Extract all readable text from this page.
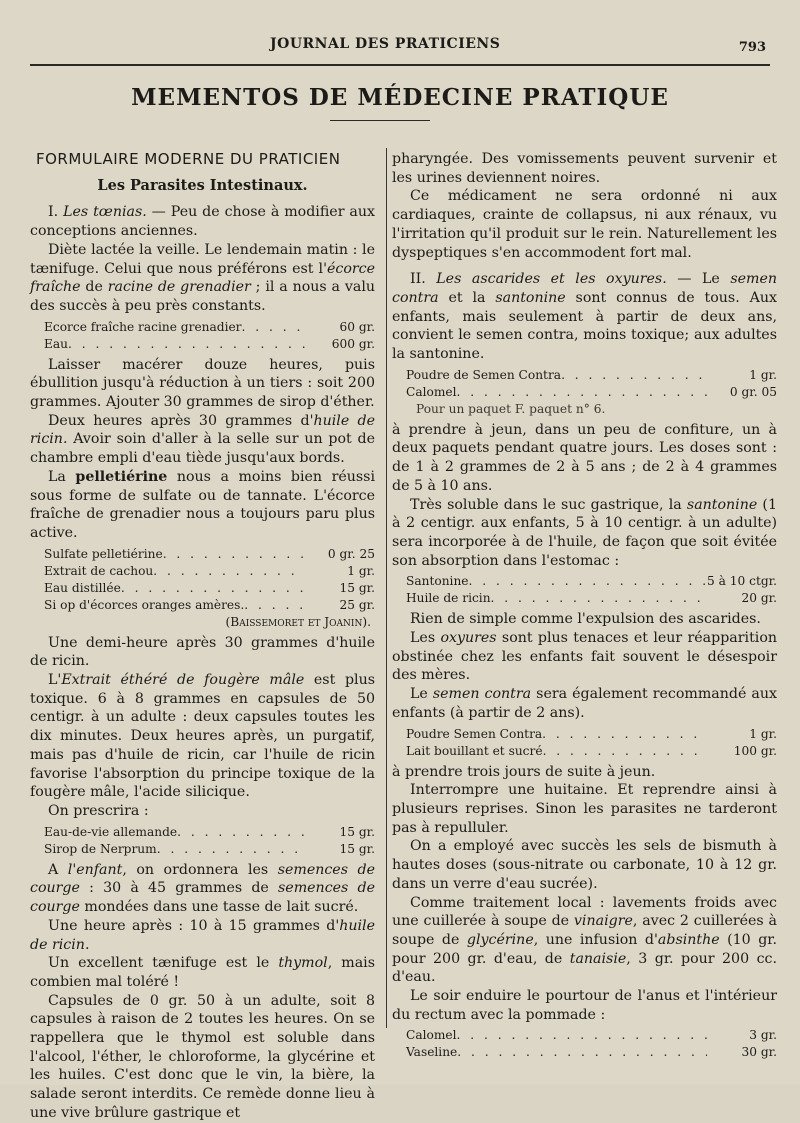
JOURNAL DES PRATICIENS	793
MEMENTOS DE MÉDECINE PRATIQUE
FORMULAIRE MODERNE DU PRATICIEN
Les Parasites Intestinaux.

I. Les tœnias. — Peu de chose à modifier aux conceptions anciennes.

Diète lactée la veille. Le lendemain matin : le tænifuge. Celui que nous préférons est l'écorce fraîche de racine de grenadier ; il a nous a valu des succès à peu près constants.

Ecorce fraîche racine grenadier . . .	60 gr.
Eau . . .	600 gr.

Laisser macérer douze heures, puis ébullition jusqu'à réduction à un tiers : soit 200 grammes. Ajouter 30 grammes de sirop d'éther.

Deux heures après 30 grammes d'huile de ricin. Avoir soin d'aller à la selle sur un pot de chambre empli d'eau tiède jusqu'aux bords.

La pelletiérine nous a moins bien réussi sous forme de sulfate ou de tannate. L'écorce fraîche de grenadier nous a toujours paru plus active.

Sulfate pelletiérine . . .	0 gr. 25
Extrait de cachou . . .	1 gr.
Eau distillée . . .	15 gr.
Si op d'écorces oranges amères. . . .	25 gr.
(Baissemoret et Joanin).

Une demi-heure après 30 grammes d'huile de ricin.

L'Extrait éthéré de fougère mâle est plus toxique. 6 à 8 grammes en capsules de 50 centigr. à un adulte : deux capsules toutes les dix minutes. Deux heures après, un purgatif, mais pas d'huile de ricin, car l'huile de ricin favorise l'absorption du principe toxique de la fougère mâle, l'acide silicique.

On prescrira :

Eau-de-vie allemande . . .	15 gr.
Sirop de Nerprum . . .	15 gr.

A l'enfant, on ordonnera les semences de courge : 30 à 45 grammes de semences de courge mondées dans une tasse de lait sucré.

Une heure après : 10 à 15 grammes d'huile de ricin.

Un excellent tænifuge est le thymol, mais combien mal toléré !

Capsules de 0 gr. 50 à un adulte, soit 8 capsules à raison de 2 toutes les heures. On se rappellera que le thymol est soluble dans l'alcool, l'éther, le chloroforme, la glycérine et les huiles. C'est donc que le vin, la bière, la salade seront interdits. Ce remède donne lieu à une vive brûlure gastrique et

pharyngée. Des vomissements peuvent survenir et les urines deviennent noires.

Ce médicament ne sera ordonné ni aux cardiaques, crainte de collapsus, ni aux rénaux, vu l'irritation qu'il produit sur le rein. Naturellement les dyspeptiques s'en accommodent fort mal.

II. Les ascarides et les oxyures. — Le semen contra et la santonine sont connus de tous. Aux enfants, mais seulement à partir de deux ans, convient le semen contra, moins toxique; aux adultes la santonine.

Poudre de Semen Contra . . .	1 gr.
Calomel . . .	0 gr. 05
Pour un paquet F. paquet n° 6.

à prendre à jeun, dans un peu de confiture, un à deux paquets pendant quatre jours. Les doses sont : de 1 à 2 grammes de 2 à 5 ans ; de 2 à 4 grammes de 5 à 10 ans.

Très soluble dans le suc gastrique, la santonine (1 à 2 centigr. aux enfants, 5 à 10 centigr. à un adulte) sera incorporée à de l'huile, de façon que soit évitée son absorption dans l'estomac :

Santonine . . .	5 à 10 ctgr.
Huile de ricin . . .	20 gr.

Rien de simple comme l'expulsion des ascarides.

Les oxyures sont plus tenaces et leur réapparition obstinée chez les enfants fait souvent le désespoir des mères.

Le semen contra sera également recommandé aux enfants (à partir de 2 ans).

Poudre Semen Contra . . .	1 gr.
Lait bouillant et sucré . . .	100 gr.

à prendre trois jours de suite à jeun.

Interrompre une huitaine. Et reprendre ainsi à plusieurs reprises. Sinon les parasites ne tarderont pas à repulluler.

On a employé avec succès les sels de bismuth à hautes doses (sous-nitrate ou carbonate, 10 à 12 gr. dans un verre d'eau sucrée).

Comme traitement local : lavements froids avec une cuillerée à soupe de vinaigre, avec 2 cuillerées à soupe de glycérine, une infusion d'absinthe (10 gr. pour 200 gr. d'eau, de tanaisie, 3 gr. pour 200 cc. d'eau.

Le soir enduire le pourtour de l'anus et l'intérieur du rectum avec la pommade :

Calomel . . .	3 gr.
Vaseline . . .	30 gr.
